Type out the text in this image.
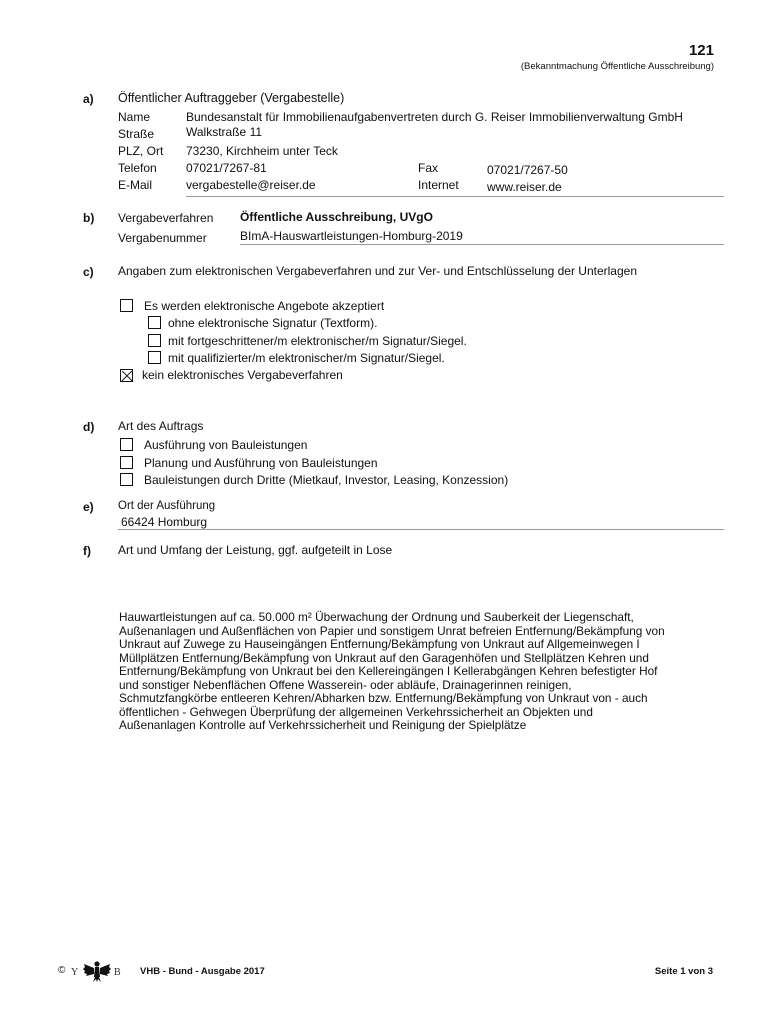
121
(Bekanntmachung Öffentliche Ausschreibung)
a) Öffentlicher Auftraggeber (Vergabestelle)
Name	Bundesanstalt für Immobilienaufgabenvertreten durch G. Reiser Immobilienverwaltung GmbH
Straße	Walkstraße 11
PLZ, Ort 73230, Kirchheim unter Teck
Telefon 07021/7267-81	Fax	07021/7267-50
E-Mail	vergabestelle@reiser.de	Internet www.reiser.de
b) Vergabeverfahren Öffentliche Ausschreibung, UVgO
Vergabenummer	BImA-Hauswartleistungen-Homburg-2019
c) Angaben zum elektronischen Vergabeverfahren und zur Ver- und Entschlüsselung der Unterlagen
Es werden elektronische Angebote akzeptiert
ohne elektronische Signatur (Textform).
mit fortgeschrittener/m elektronischer/m Signatur/Siegel.
mit qualifizierter/m elektronischer/m Signatur/Siegel.
kein elektronisches Vergabeverfahren
d) Art des Auftrags
Ausführung von Bauleistungen
Planung und Ausführung von Bauleistungen
Bauleistungen durch Dritte (Mietkauf, Investor, Leasing, Konzession)
e) Ort der Ausführung
66424 Homburg
f) Art und Umfang der Leistung, ggf. aufgeteilt in Lose
Hauwartleistungen auf ca. 50.000 m² Überwachung der Ordnung und Sauberkeit der Liegenschaft,
Außenanlagen und Außenflächen von Papier und sonstigem Unrat befreien Entfernung/Bekämpfung von
Unkraut auf Zuwege zu Hauseingängen Entfernung/Bekämpfung von Unkraut auf Allgemeinwegen I
Müllplätzen Entfernung/Bekämpfung von Unkraut auf den Garagenhöfen und Stellplätzen Kehren und
Entfernung/Bekämpfung von Unkraut bei den Kellereingängen I Kellerabgängen Kehren befestigter Hof
und sonstiger Nebenflächen Offene Wasserein- oder abläufe, Drainagerinnen reinigen,
Schmutzfangkörbe entleeren Kehren/Abharken bzw. Entfernung/Bekämpfung von Unkraut von - auch
öffentlichen - Gehwegen Überprüfung der allgemeinen Verkehrssicherheit an Objekten und
Außenanlagen Kontrolle auf Verkehrssicherheit und Reinigung der Spielplätze
© Y	B VHB - Bund - Ausgabe 2017	Seite 1 von 3
